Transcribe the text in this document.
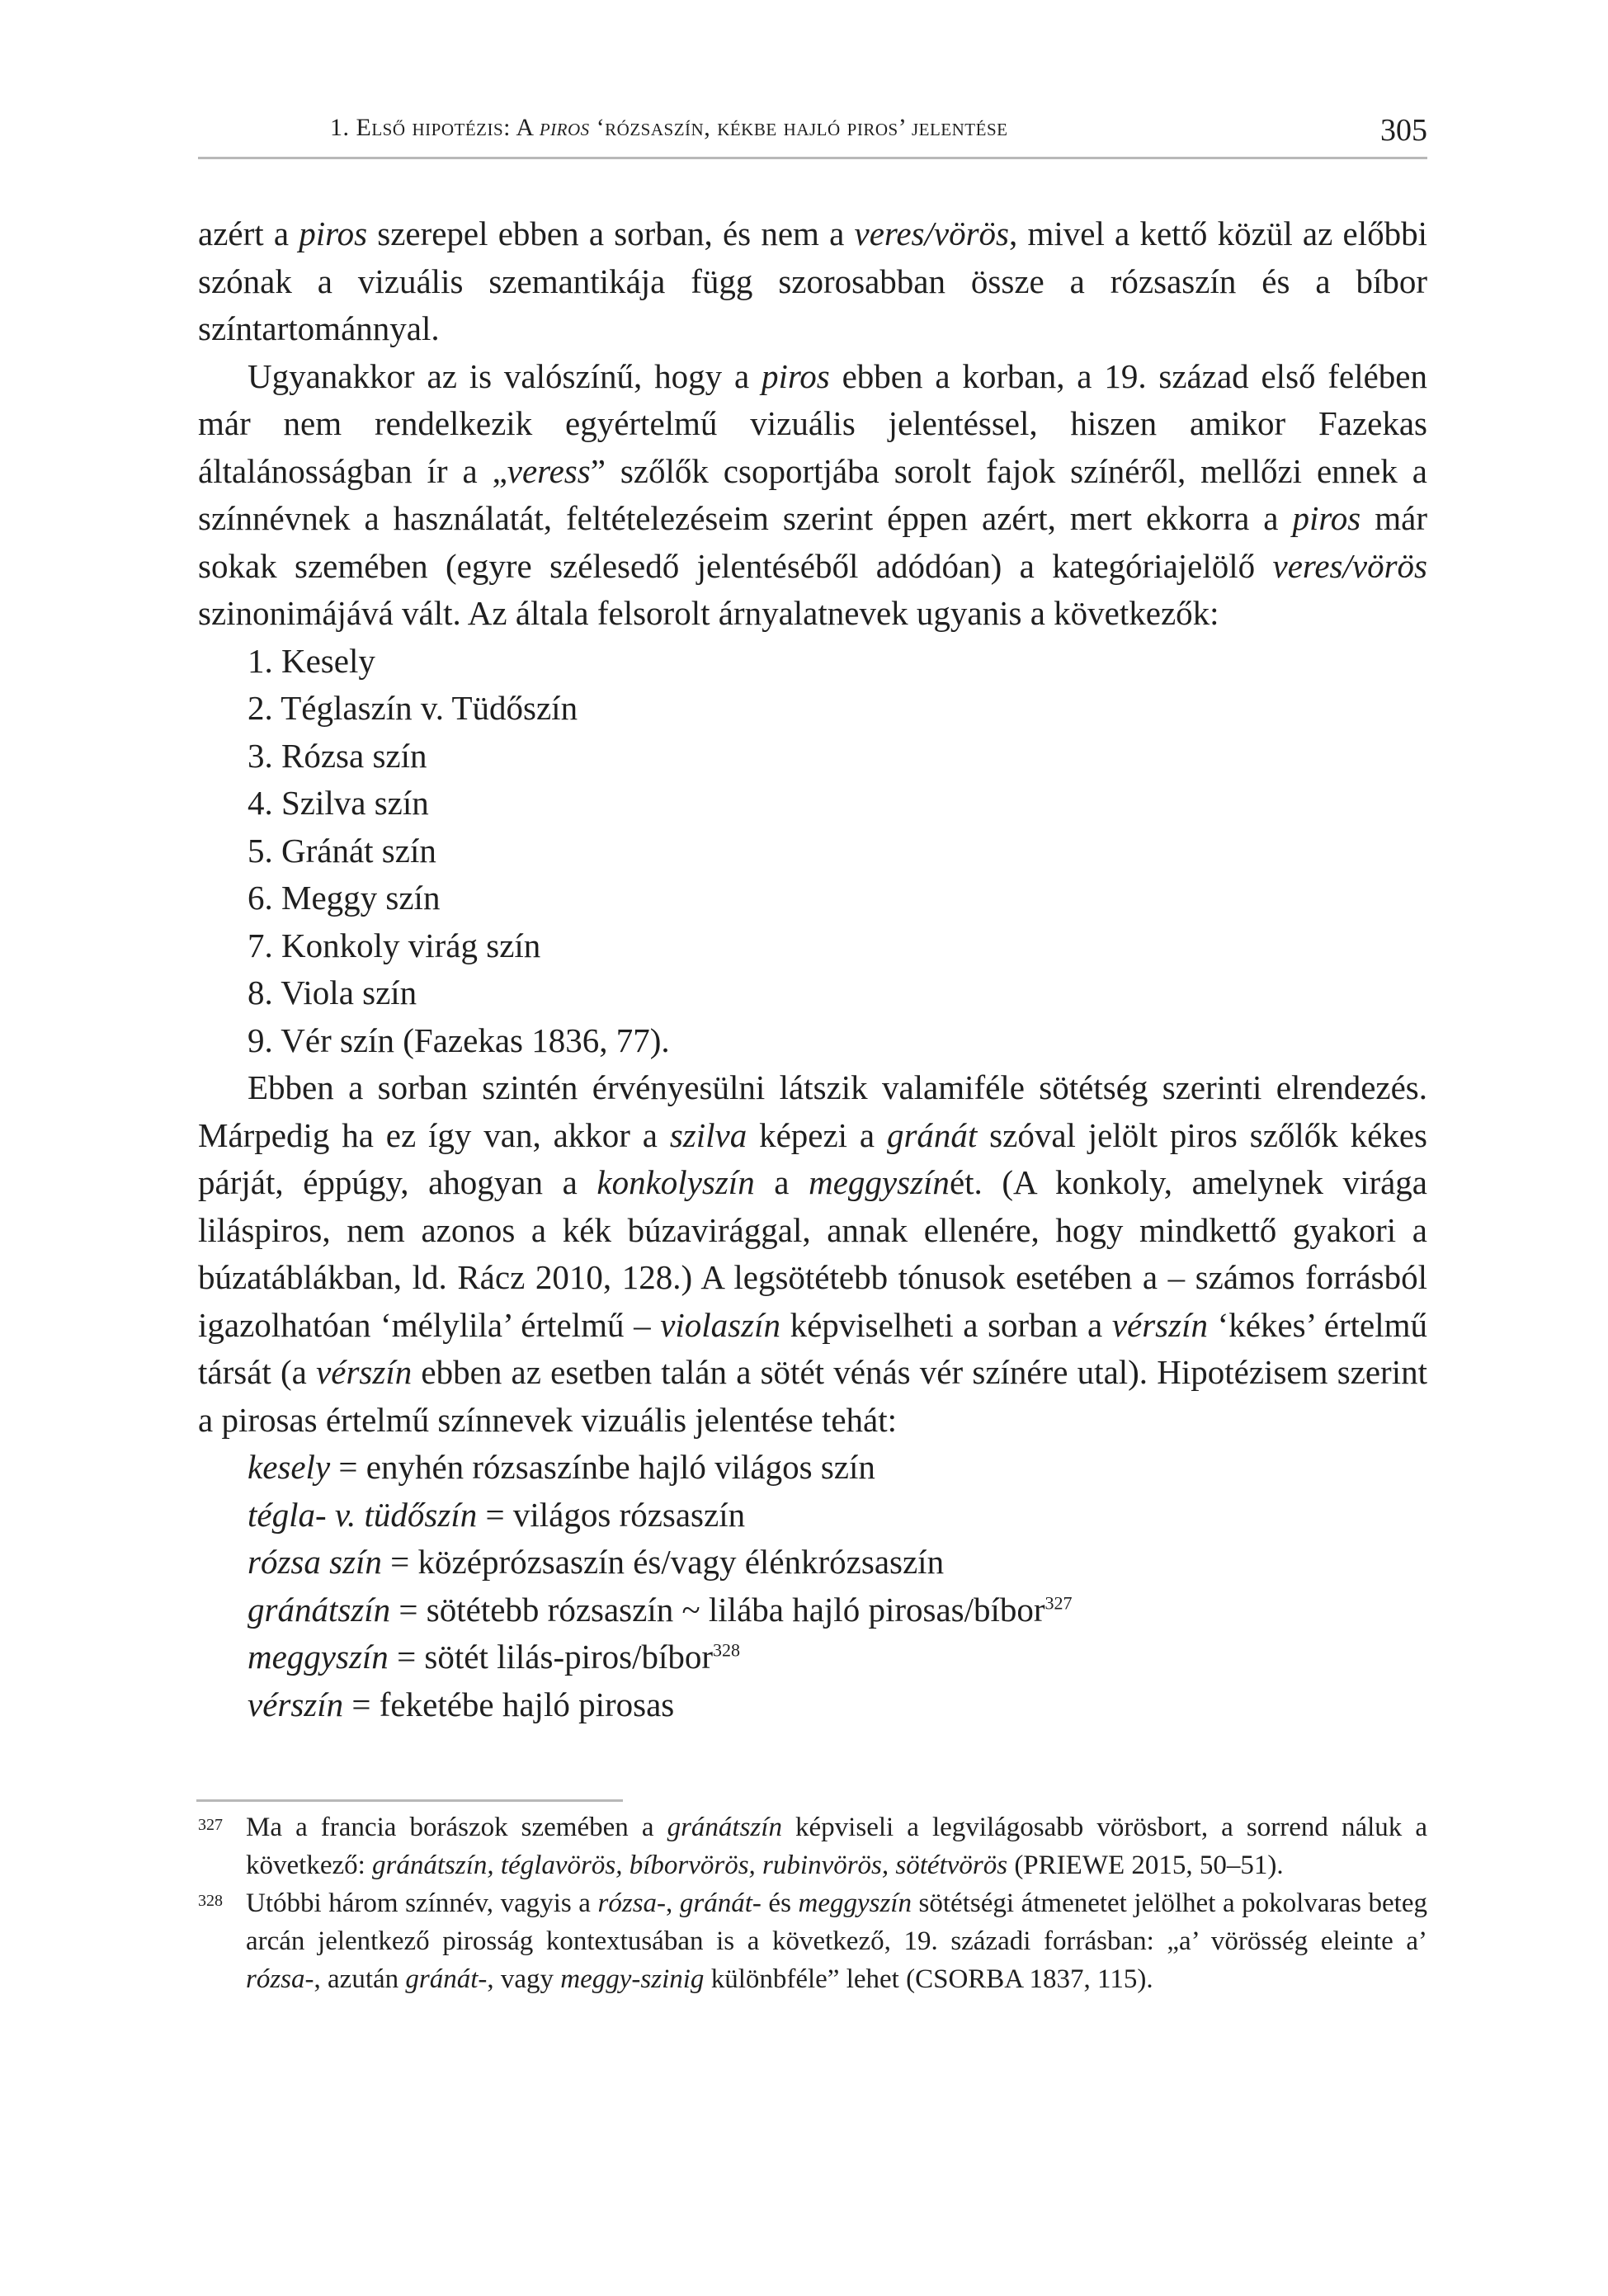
1. Első hipotézis: A piros ‘rózsaszín, kékbe hajló piros’ jelentése	305

azért a piros szerepel ebben a sorban, és nem a veres/vörös, mivel a kettő közül az előbbi szónak a vizuális szemantikája függ szorosabban össze a rózsaszín és a bíbor színtartománnyal.

Ugyanakkor az is valószínű, hogy a piros ebben a korban, a 19. század első felében már nem rendelkezik egyértelmű vizuális jelentéssel, hiszen amikor Fazekas általánosságban ír a „veress” szőlők csoportjába sorolt fajok színéről, mellőzi ennek a színnévnek a használatát, feltételezéseim szerint éppen azért, mert ekkorra a piros már sokak szemében (egyre szélesedő jelentéséből adódóan) a kategóriajelölő veres/vörös szinonimájává vált. Az általa felsorolt árnyalatnevek ugyanis a következők:

1. Kesely
2. Téglaszín v. Tüdőszín
3. Rózsa szín
4. Szilva szín
5. Gránát szín
6. Meggy szín
7. Konkoly virág szín
8. Viola szín
9. Vér szín (Fazekas 1836, 77).

Ebben a sorban szintén érvényesülni látszik valamiféle sötétség szerinti elrendezés. Márpedig ha ez így van, akkor a szilva képezi a gránát szóval jelölt piros szőlők kékes párját, éppúgy, ahogyan a konkolyszín a meggyszínét. (A konkoly, amelynek virága liláspiros, nem azonos a kék búzavirággal, annak ellenére, hogy mindkettő gyakori a búzatáblákban, ld. Rácz 2010, 128.) A legsötétebb tónusok esetében a – számos forrásból igazolhatóan ‘mélylila’ értelmű – violaszín képviselheti a sorban a vérszín ‘kékes’ értelmű társát (a vérszín ebben az esetben talán a sötét vénás vér színére utal). Hipotézisem szerint a pirosas értelmű színnevek vizuális jelentése tehát:

kesely = enyhén rózsaszínbe hajló világos szín
tégla- v. tüdőszín = világos rózsaszín
rózsa szín = középrózsaszín és/vagy élénkrózsaszín
gránátszín = sötétebb rózsaszín ~ lilába hajló pirosas/bíbor$^{327}$
meggyszín = sötét lilás-piros/bíbor$^{328}$
vérszín = feketébe hajló pirosas
327 Ma a francia borászok szemében a gránátszín képviseli a legvilágosabb vörösbort, a sorrend náluk a következő: gránátszín, téglavörös, bíborvörös, rubinvörös, sötétvörös (PRIEWE 2015, 50–51).
328 Utóbbi három színnév, vagyis a rózsa-, gránát- és meggyszín sötétségi átmenetet jelölhet a pokolvaras beteg arcán jelentkező pirosság kontextusában is a következő, 19. századi forrásban: „a’ vörösség eleinte a’ rózsa-, azután gránát-, vagy meggy-szinig különbféle” lehet (CSORBA 1837, 115).
